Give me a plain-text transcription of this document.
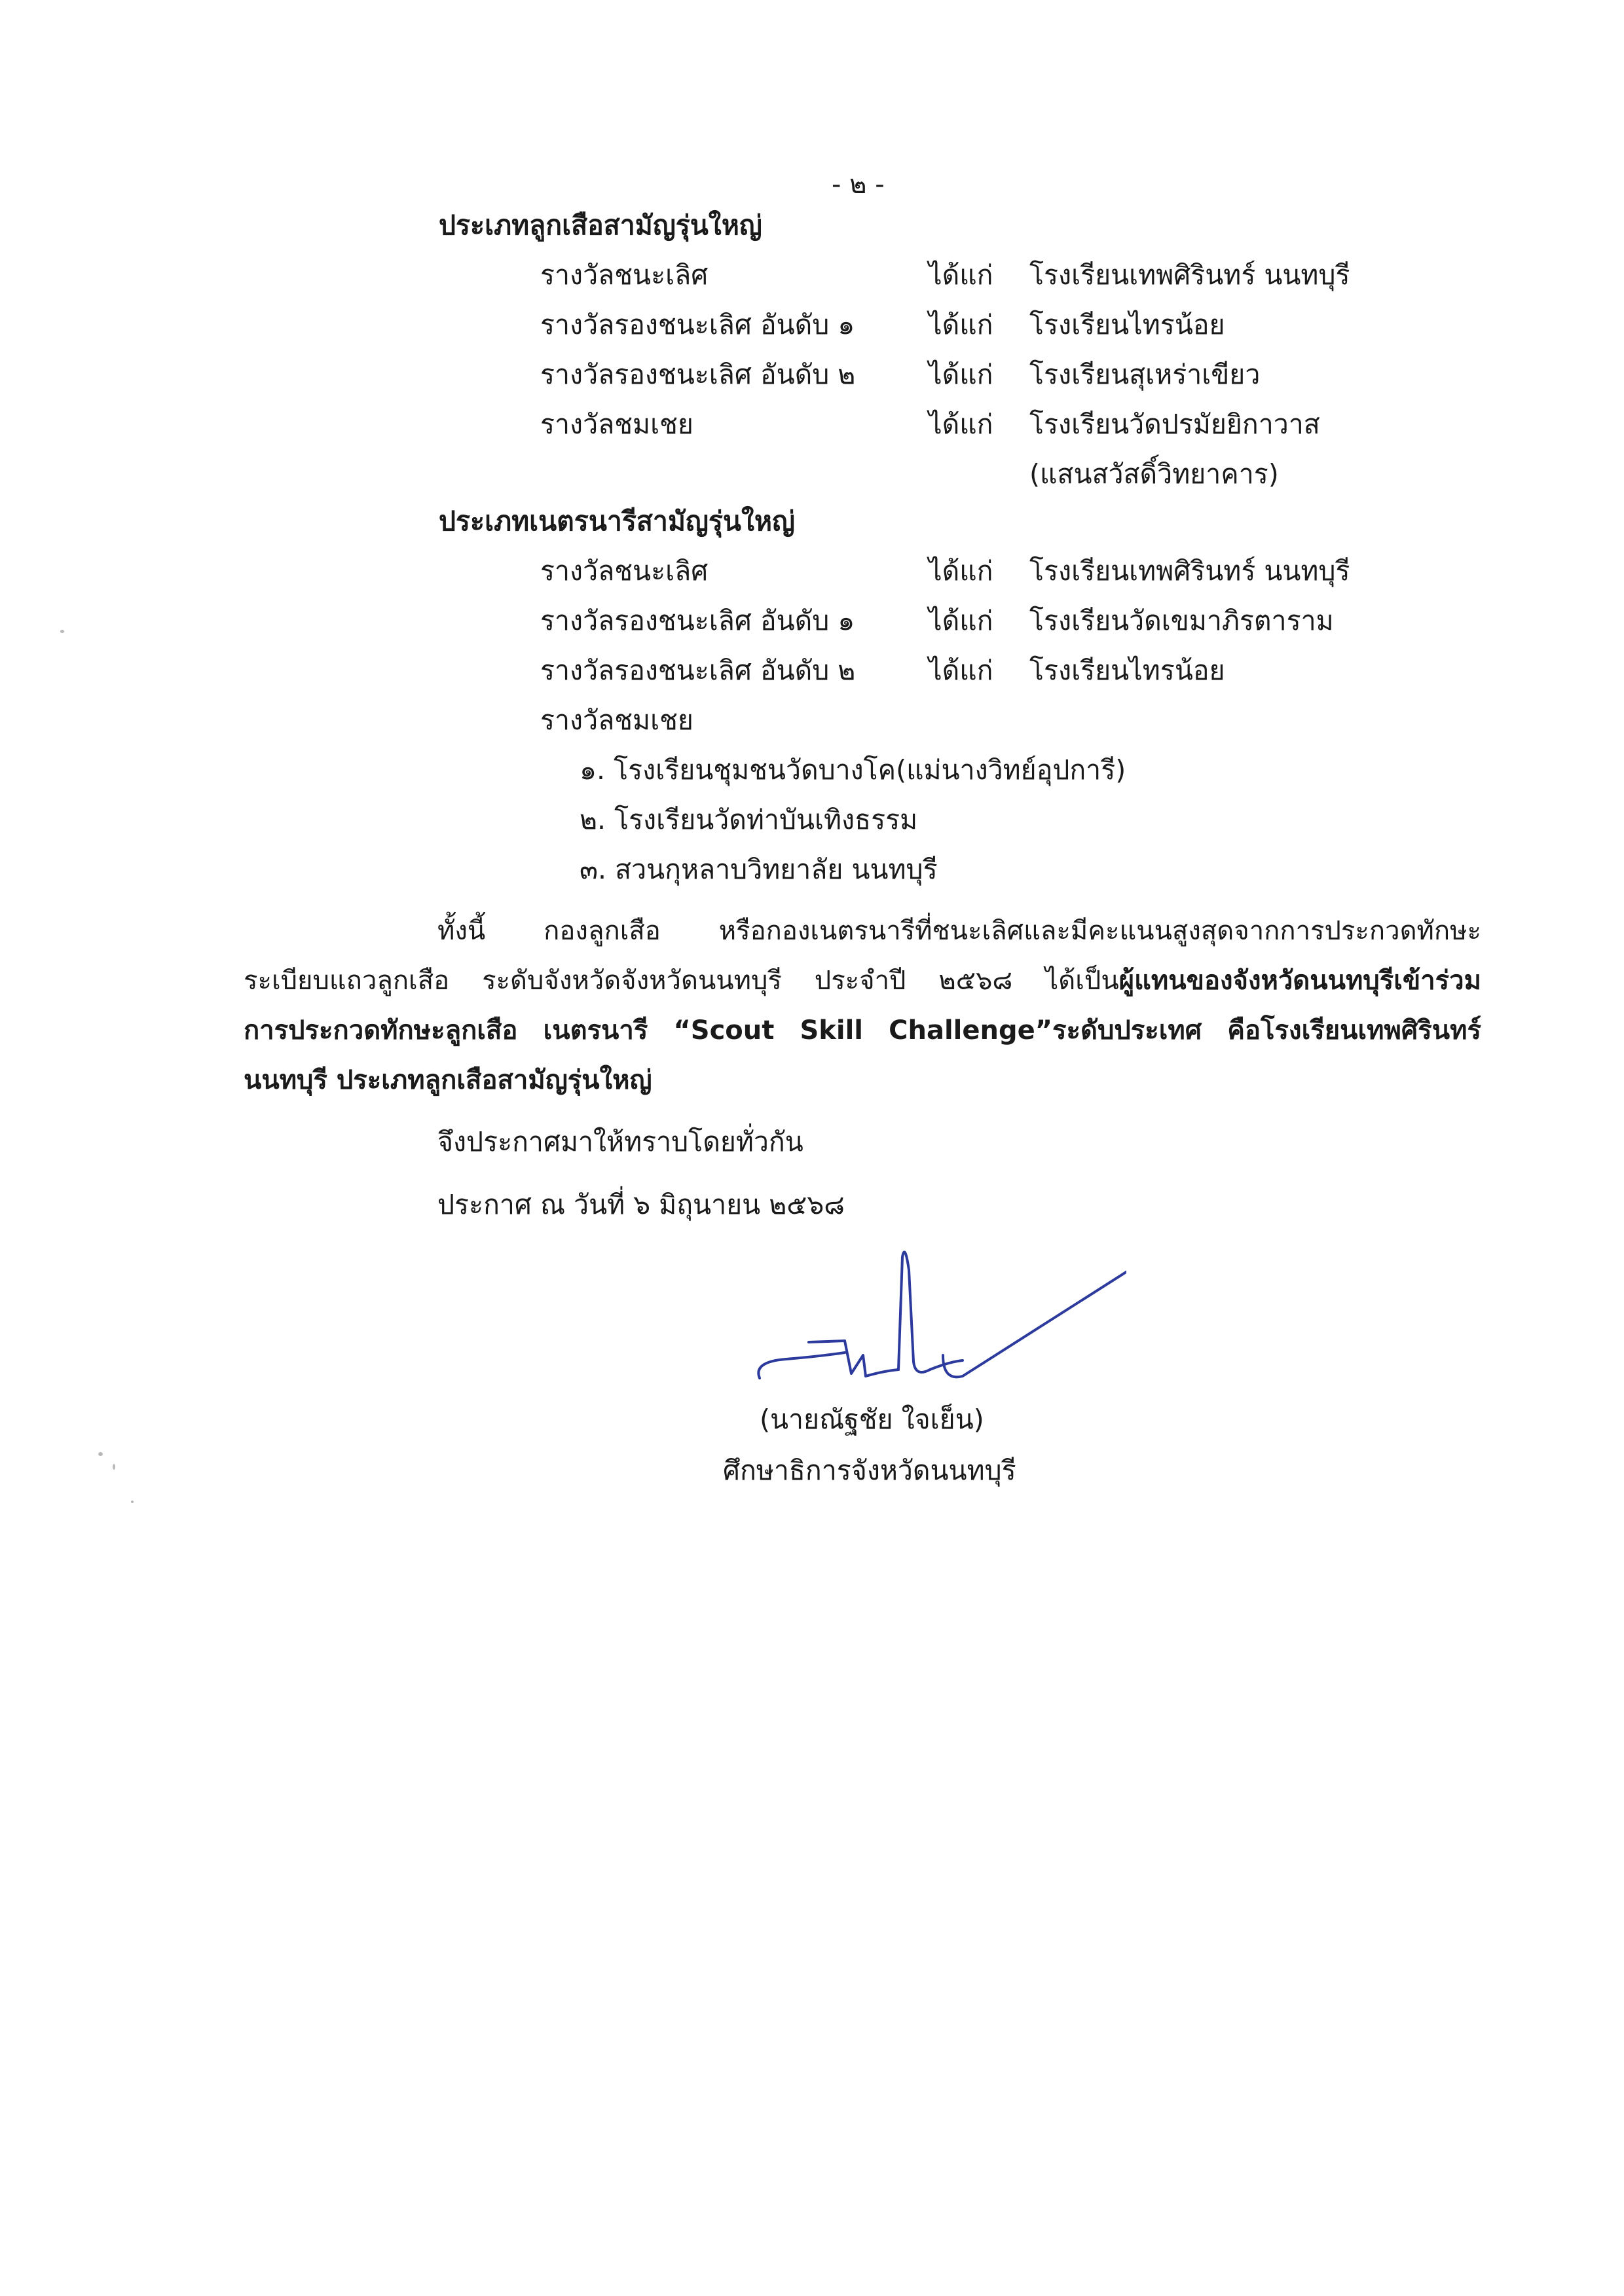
- ๒ -
ประเภทลูกเสือสามัญรุ่นใหญ่
รางวัลชนะเลิศ	ได้แก่ โรงเรียนเทพศิรินทร์ นนทบุรี
รางวัลรองชนะเลิศ อันดับ ๑	ได้แก่ โรงเรียนไทรน้อย
รางวัลรองชนะเลิศ อันดับ ๒	ได้แก่ โรงเรียนสุเหร่าเขียว
รางวัลชมเชย	ได้แก่ โรงเรียนวัดปรมัยยิกาวาส
(แสนสวัสดิ์วิทยาคาร)
ประเภทเนตรนารีสามัญรุ่นใหญ่
รางวัลชนะเลิศ	ได้แก่ โรงเรียนเทพศิรินทร์ นนทบุรี
รางวัลรองชนะเลิศ อันดับ ๑	ได้แก่ โรงเรียนวัดเขมาภิรตาราม
รางวัลรองชนะเลิศ อันดับ ๒	ได้แก่ โรงเรียนไทรน้อย
รางวัลชมเชย
๑. โรงเรียนชุมชนวัดบางโค(แม่นางวิทย์อุปการี)
๒. โรงเรียนวัดท่าบันเทิงธรรม
๓. สวนกุหลาบวิทยาลัย นนทบุรี
ทั้งนี้ กองลูกเสือ หรือกองเนตรนารีที่ชนะเลิศและมีคะแนนสูงสุดจากการประกวดทักษะ
ระเบียบแถวลูกเสือ ระดับจังหวัดจังหวัดนนทบุรี ประจำปี ๒๕๖๘ ได้เป็นผู้แทนของจังหวัดนนทบุรีเข้าร่วม
การประกวดทักษะลูกเสือ เนตรนารี “Scout Skill Challenge”ระดับประเทศ คือโรงเรียนเทพศิรินทร์
นนทบุรี ประเภทลูกเสือสามัญรุ่นใหญ่
จึงประกาศมาให้ทราบโดยทั่วกัน
ประกาศ ณ วันที่ ๖ มิถุนายน ๒๕๖๘
(นายณัฐชัย ใจเย็น)
ศึกษาธิการจังหวัดนนทบุรี
